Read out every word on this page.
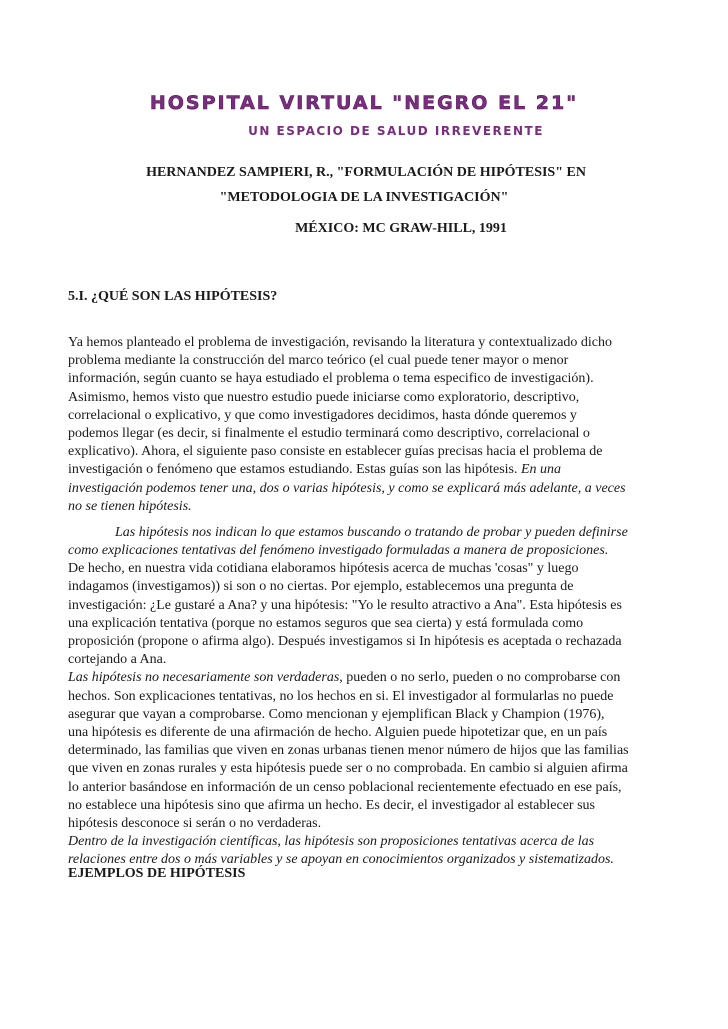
HOSPITAL VIRTUAL "NEGRO EL 21"
UN ESPACIO DE SALUD IRREVERENTE
HERNANDEZ SAMPIERI, R., "FORMULACIÓN DE HIPÓTESIS" EN
"METODOLOGIA DE LA INVESTIGACIÓN"
MÉXICO: MC GRAW-HILL, 1991
5.I. ¿QUÉ SON LAS HIPÓTESIS?
Ya hemos planteado el problema de investigación, revisando la literatura y contextualizado dicho
problema mediante la construcción del marco teórico (el cual puede tener mayor o menor
información, según cuanto se haya estudiado el problema o tema especifico de investigación).
Asimismo, hemos visto que nuestro estudio puede iniciarse como exploratorio, descriptivo,
correlacional o explicativo, y que como investigadores decidimos, hasta dónde queremos y
podemos llegar (es decir, si finalmente el estudio terminará como descriptivo, correlacional o
explicativo). Ahora, el siguiente paso consiste en establecer guías precisas hacia el problema de
investigación o fenómeno que estamos estudiando. Estas guías son las hipótesis. En una
investigación podemos tener una, dos o varias hipótesis, y como se explicará más adelante, a veces
no se tienen hipótesis.
Las hipótesis nos indican lo que estamos buscando o tratando de probar y pueden definirse
como explicaciones tentativas del fenómeno investigado formuladas a manera de proposiciones.
De hecho, en nuestra vida cotidiana elaboramos hipótesis acerca de muchas 'cosas" y luego
indagamos (investigamos)) si son o no ciertas. Por ejemplo, establecemos una pregunta de
investigación: ¿Le gustaré a Ana? y una hipótesis: "Yo le resulto atractivo a Ana". Esta hipótesis es
una explicación tentativa (porque no estamos seguros que sea cierta) y está formulada como
proposición (propone o afirma algo). Después investigamos si In hipótesis es aceptada o rechazada
cortejando a Ana.
Las hipótesis no necesariamente son verdaderas, pueden o no serlo, pueden o no comprobarse con
hechos. Son explicaciones tentativas, no los hechos en si. El investigador al formularlas no puede
asegurar que vayan a comprobarse. Como mencionan y ejemplifican Black y Champion (1976),
una hipótesis es diferente de una afirmación de hecho. Alguien puede hipotetizar que, en un país
determinado, las familias que viven en zonas urbanas tienen menor número de hijos que las familias
que viven en zonas rurales y esta hipótesis puede ser o no comprobada. En cambio si alguien afirma
lo anterior basándose en información de un censo poblacional recientemente efectuado en ese país,
no establece una hipótesis sino que afirma un hecho. Es decir, el investigador al establecer sus
hipótesis desconoce si serán o no verdaderas.
Dentro de la investigación científicas, las hipótesis son proposiciones tentativas acerca de las
relaciones entre dos o más variables y se apoyan en conocimientos organizados y sistematizados.
EJEMPLOS DE HIPÓTESIS
